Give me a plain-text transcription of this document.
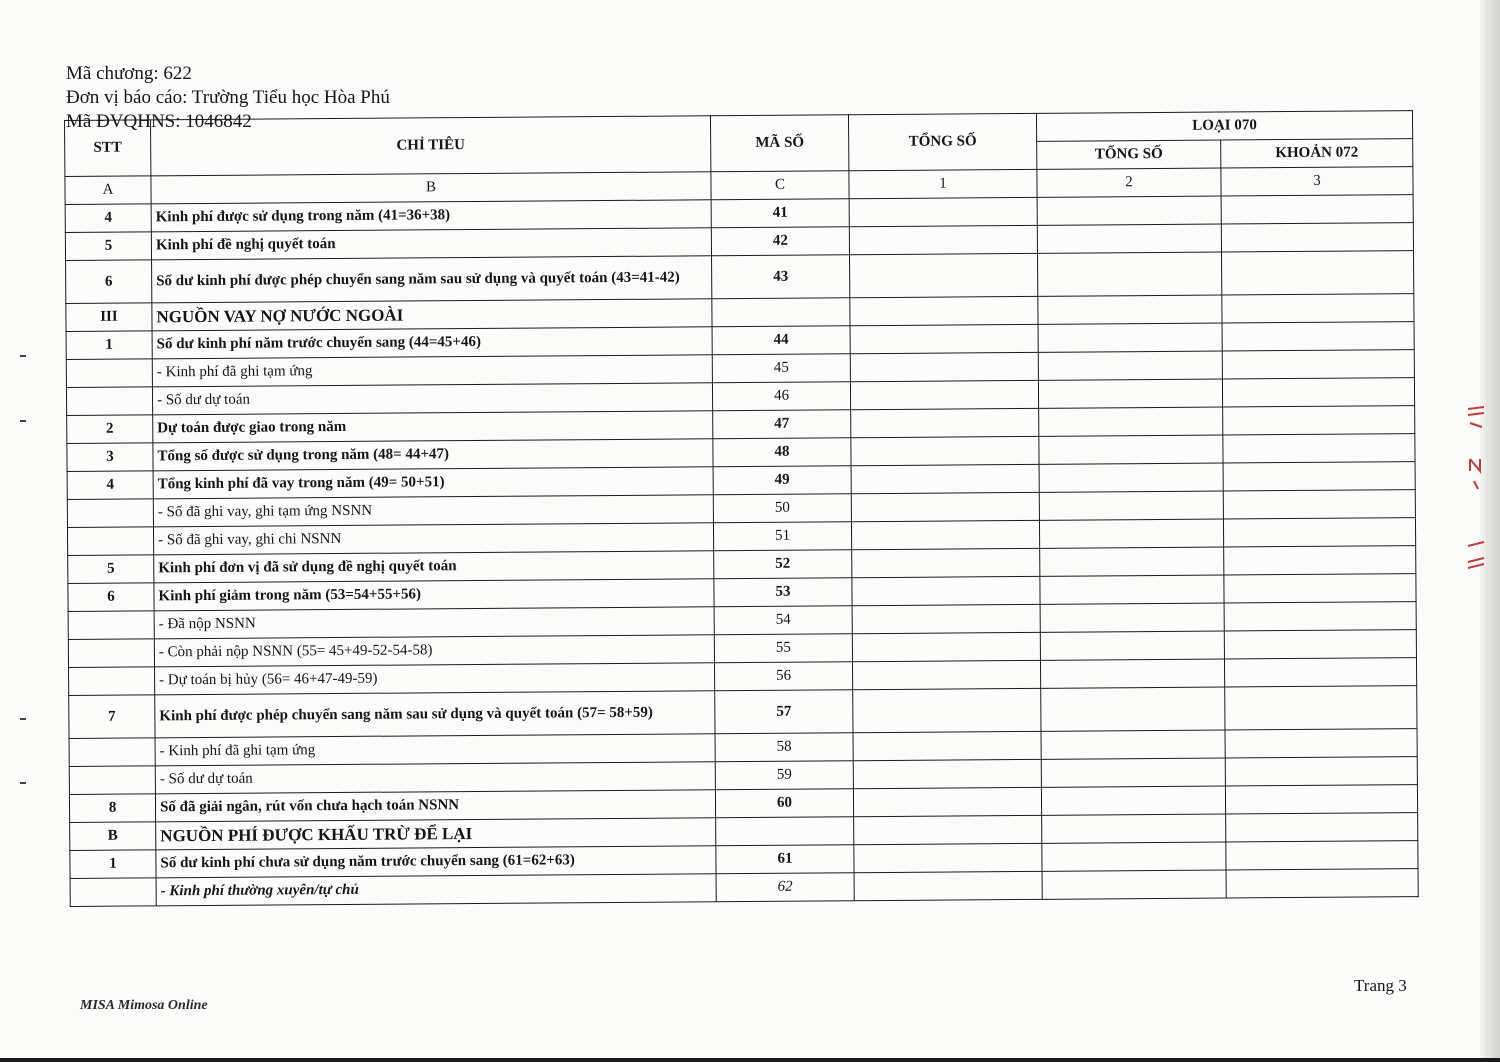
Mã chương: 622
Đơn vị báo cáo: Trường Tiểu học Hòa Phú
Mã ĐVQHNS: 1046842
STT	CHỈ TIÊU	MÃ SỐ	TỔNG SỐ	LOẠI 070	
				TỔNG SỐ	KHOẢN 072
A	B	C	1	2	3
4	Kinh phí được sử dụng trong năm (41=36+38)	41			
5	Kinh phí đề nghị quyết toán	42			
6	Số dư kinh phí được phép chuyển sang năm sau sử dụng và quyết toán (43=41-42)	43			
III	NGUỒN VAY NỢ NƯỚC NGOÀI				
1	Số dư kinh phí năm trước chuyển sang (44=45+46)	44			
	- Kinh phí đã ghi tạm ứng	45			
	- Số dư dự toán	46			
2	Dự toán được giao trong năm	47			
3	Tổng số được sử dụng trong năm (48= 44+47)	48			
4	Tổng kinh phí đã vay trong năm (49= 50+51)	49			
	- Số đã ghi vay, ghi tạm ứng NSNN	50			
	- Số đã ghi vay, ghi chi NSNN	51			
5	Kinh phí đơn vị đã sử dụng đề nghị quyết toán	52			
6	Kinh phí giảm trong năm (53=54+55+56)	53			
	- Đã nộp NSNN	54			
	- Còn phải nộp NSNN (55= 45+49-52-54-58)	55			
	- Dự toán bị hủy (56= 46+47-49-59)	56			
7	Kinh phí được phép chuyển sang năm sau sử dụng và quyết toán (57= 58+59)	57			
	- Kinh phí đã ghi tạm ứng	58			
	- Số dư dự toán	59			
8	Số đã giải ngân, rút vốn chưa hạch toán NSNN	60			
B	NGUỒN PHÍ ĐƯỢC KHẤU TRỪ ĐỂ LẠI				
1	Số dư kinh phí chưa sử dụng năm trước chuyển sang (61=62+63)	61			
	- Kinh phí thường xuyên/tự chủ	62			
Trang 3
MISA Mimosa Online
